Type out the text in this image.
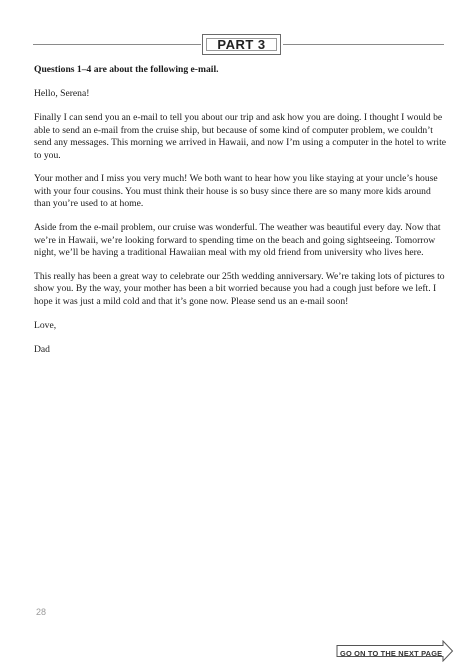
PART 3

Questions 1–4 are about the following e-mail.

Hello, Serena!

Finally I can send you an e-mail to tell you about our trip and ask how you are doing. I thought I would be able to send an e-mail from the cruise ship, but because of some kind of computer problem, we couldn’t send any messages. This morning we arrived in Hawaii, and now I’m using a computer in the hotel to write to you.

Your mother and I miss you very much! We both want to hear how you like staying at your uncle’s house with your four cousins. You must think their house is so busy since there are so many more kids around than you’re used to at home.

Aside from the e-mail problem, our cruise was wonderful. The weather was beautiful every day. Now that we’re in Hawaii, we’re looking forward to spending time on the beach and going sightseeing. Tomorrow night, we’ll be having a traditional Hawaiian meal with my old friend from university who lives here.

This really has been a great way to celebrate our 25th wedding anniversary. We’re taking lots of pictures to show you. By the way, your mother has been a bit worried because you had a cough just before we left. I hope it was just a mild cold and that it’s gone now. Please send us an e-mail soon!

Love,

Dad

28
GO ON TO THE NEXT PAGE
